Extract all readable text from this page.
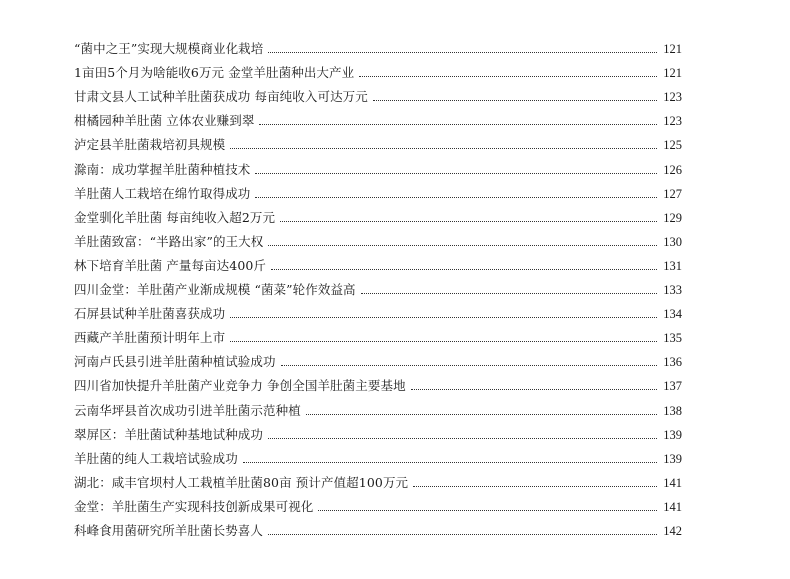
“菌中之王”实现大规模商业化栽培	121
1亩田5个月为啥能收6万元 金堂羊肚菌种出大产业	121
甘肃文县人工试种羊肚菌获成功 每亩纯收入可达万元	123
柑橘园种羊肚菌 立体农业赚到翠	123
泸定县羊肚菌栽培初具规模	125
滁南：成功掌握羊肚菌种植技术	126
羊肚菌人工栽培在绵竹取得成功	127
金堂驯化羊肚菌 每亩纯收入超2万元	129
羊肚菌致富：“半路出家”的王大权	130
林下培育羊肚菌 产量每亩达400斤	131
四川金堂：羊肚菌产业渐成规模 “菌菜”轮作效益高	133
石屏县试种羊肚菌喜获成功	134
西藏产羊肚菌预计明年上市	135
河南卢氏县引进羊肚菌种植试验成功	136
四川省加快提升羊肚菌产业竞争力 争创全国羊肚菌主要基地	137
云南华坪县首次成功引进羊肚菌示范种植	138
翠屏区：羊肚菌试种基地试种成功	139
羊肚菌的纯人工栽培试验成功	139
湖北：咸丰官坝村人工栽植羊肚菌80亩 预计产值超100万元	141
金堂：羊肚菌生产实现科技创新成果可视化	141
科峰食用菌研究所羊肚菌长势喜人	142
